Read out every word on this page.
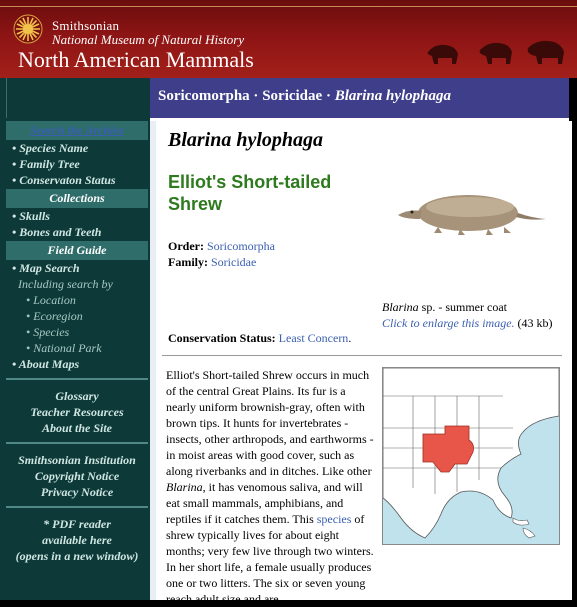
Smithsonian
National Museum of Natural History
North American Mammals
Search the Archive
• Species Name
• Family Tree
• Conservaton Status
Collections
• Skulls
• Bones and Teeth
Field Guide
• Map Search
Including search by
• Location
• Ecoregion
• Species
• National Park
• About Maps
Glossary
Teacher Resources
About the Site
Smithsonian Institution
Copyright Notice
Privacy Notice
* PDF reader
available here
(opens in a new window)
Soricomorpha · Soricidae · Blarina hylophaga
Blarina hylophaga
Elliot's Short-tailed Shrew
Order: Soricomorpha
Family: Soricidae
Blarina sp. - summer coat
Click to enlarge this image. (43 kb)
Conservation Status: Least Concern.
Elliot's Short-tailed Shrew occurs in much of the central Great Plains. Its fur is a nearly uniform brownish-gray, often with brown tips. It hunts for invertebrates - insects, other arthropods, and earthworms - in moist areas with good cover, such as along riverbanks and in ditches. Like other Blarina, it has venomous saliva, and will eat small mammals, amphibians, and reptiles if it catches them. This species of shrew typically lives for about eight months; very few live through two winters. In her short life, a female usually produces one or two litters. The six or seven young reach adult size and are
